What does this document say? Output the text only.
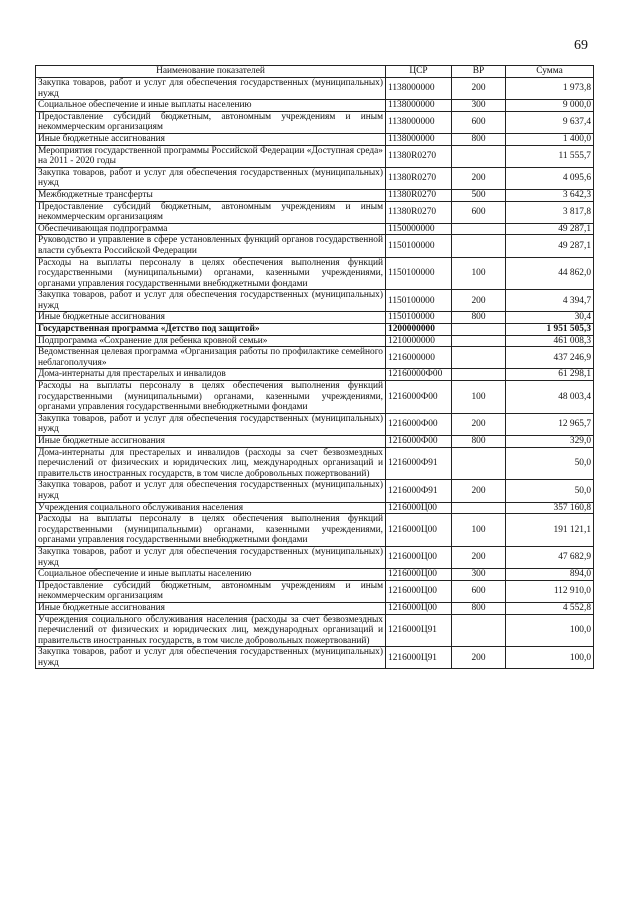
69
Наименование показателей	ЦСР	ВР	Сумма
Закупка товаров, работ и услуг для обеспечения государственных (муниципальных) нужд	1138000000	200	1 973,8
Социальное обеспечение и иные выплаты населению	1138000000	300	9 000,0
Предоставление субсидий бюджетным, автономным учреждениям и иным некоммерческим организациям	1138000000	600	9 637,4
Иные бюджетные ассигнования	1138000000	800	1 400,0
Мероприятия государственной программы Российской Федерации «Доступная среда» на 2011 - 2020 годы	11380R0270		11 555,7
Закупка товаров, работ и услуг для обеспечения государственных (муниципальных) нужд	11380R0270	200	4 095,6
Межбюджетные трансферты	11380R0270	500	3 642,3
Предоставление субсидий бюджетным, автономным учреждениям и иным некоммерческим организациям	11380R0270	600	3 817,8
Обеспечивающая подпрограмма	1150000000		49 287,1
Руководство и управление в сфере установленных функций органов государственной власти субъекта Российской Федерации	1150100000		49 287,1
Расходы на выплаты персоналу в целях обеспечения выполнения функций государственными (муниципальными) органами, казенными учреждениями, органами управления государственными внебюджетными фондами	1150100000	100	44 862,0
Закупка товаров, работ и услуг для обеспечения государственных (муниципальных) нужд	1150100000	200	4 394,7
Иные бюджетные ассигнования	1150100000	800	30,4
Государственная программа «Детство под защитой»	1200000000		1 951 505,3
Подпрограмма «Сохранение для ребенка кровной семьи»	1210000000		461 008,3
Ведомственная целевая программа «Организация работы по профилактике семейного неблагополучия»	1216000000		437 246,9
Дома-интернаты для престарелых и инвалидов	12160000Ф00		61 298,1
Расходы на выплаты персоналу в целях обеспечения выполнения функций государственными (муниципальными) органами, казенными учреждениями, органами управления государственными внебюджетными фондами	1216000Ф00	100	48 003,4
Закупка товаров, работ и услуг для обеспечения государственных (муниципальных) нужд	1216000Ф00	200	12 965,7
Иные бюджетные ассигнования	1216000Ф00	800	329,0
Дома-интернаты для престарелых и инвалидов (расходы за счет безвозмездных перечислений от физических и юридических лиц, международных организаций и правительств иностранных государств, в том числе добровольных пожертвований)	1216000Ф91		50,0
Закупка товаров, работ и услуг для обеспечения государственных (муниципальных) нужд	1216000Ф91	200	50,0
Учреждения социального обслуживания населения	1216000Ц00		357 160,8
Расходы на выплаты персоналу в целях обеспечения выполнения функций государственными (муниципальными) органами, казенными учреждениями, органами управления государственными внебюджетными фондами	1216000Ц00	100	191 121,1
Закупка товаров, работ и услуг для обеспечения государственных (муниципальных) нужд	1216000Ц00	200	47 682,9
Социальное обеспечение и иные выплаты населению	1216000Ц00	300	894,0
Предоставление субсидий бюджетным, автономным учреждениям и иным некоммерческим организациям	1216000Ц00	600	112 910,0
Иные бюджетные ассигнования	1216000Ц00	800	4 552,8
Учреждения социального обслуживания населения (расходы за счет безвозмездных перечислений от физических и юридических лиц, международных организаций и правительств иностранных государств, в том числе добровольных пожертвований)	1216000Ц91		100,0
Закупка товаров, работ и услуг для обеспечения государственных (муниципальных) нужд	1216000Ц91	200	100,0
